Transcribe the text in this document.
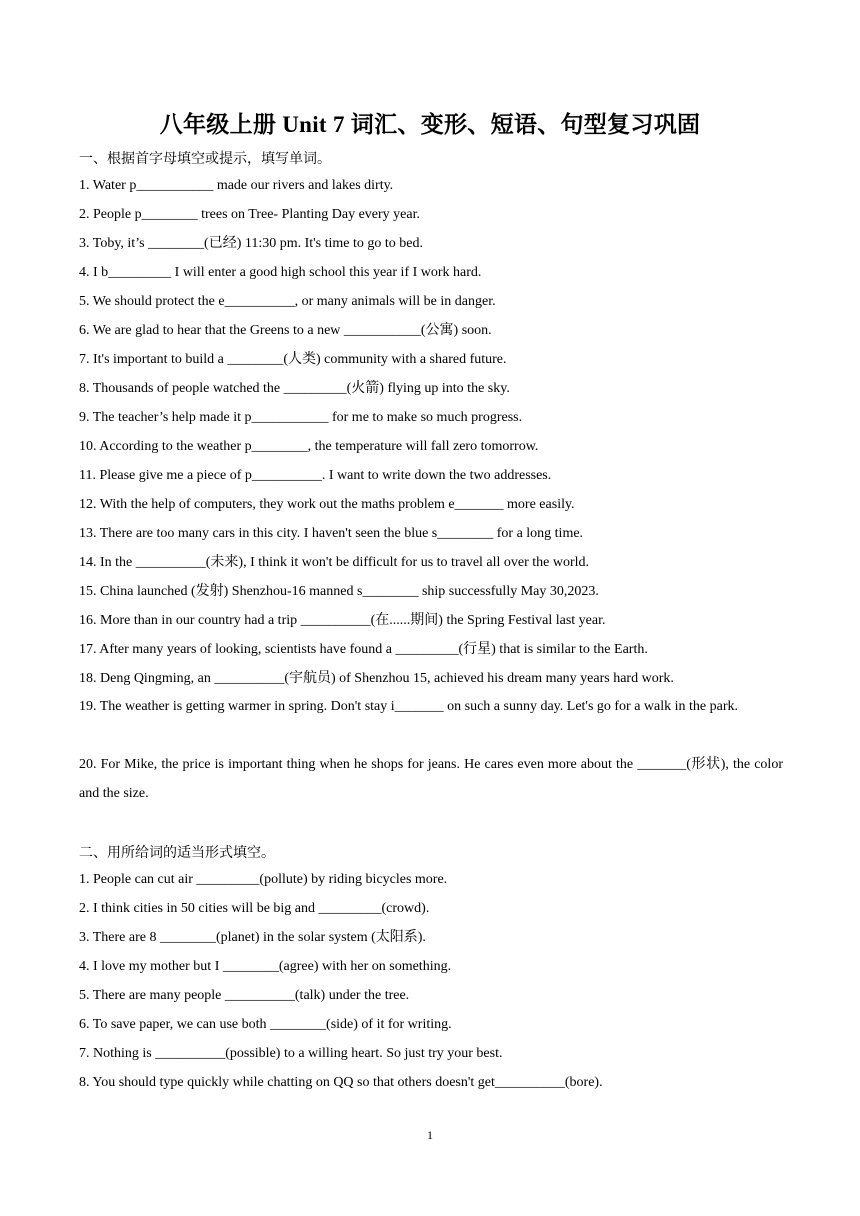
八年级上册 Unit 7 词汇、变形、短语、句型复习巩固
一、根据首字母填空或提示，填写单词。
1. Water p___________ made our rivers and lakes dirty.
2. People p________ trees on Tree- Planting Day every year.
3. Toby, it’s ________(已经) 11:30 pm. It's time to go to bed.
4. I b_________ I will enter a good high school this year if I work hard.
5. We should protect the e__________, or many animals will be in danger.
6. We are glad to hear that the Greens to a new ___________(公寓) soon.
7. It's important to build a ________(人类) community with a shared future.
8. Thousands of people watched the _________(火箭) flying up into the sky.
9. The teacher’s help made it p___________ for me to make so much progress.
10. According to the weather p________, the temperature will fall zero tomorrow.
11. Please give me a piece of p__________. I want to write down the two addresses.
12. With the help of computers, they work out the maths problem e_______ more easily.
13. There are too many cars in this city. I haven't seen the blue s________ for a long time.
14. In the __________(未来), I think it won't be difficult for us to travel all over the world.
15. China launched (发射) Shenzhou-16 manned s________ ship successfully May 30,2023.
16. More than in our country had a trip __________(在......期间) the Spring Festival last year.
17. After many years of looking, scientists have found a _________(行星) that is similar to the Earth.
18. Deng Qingming, an __________(宇航员) of Shenzhou 15, achieved his dream many years hard work.
19. The weather is getting warmer in spring. Don't stay i_______ on such a sunny day. Let's go for a walk in the park.
20. For Mike, the price is important thing when he shops for jeans. He cares even more about the _______(形状), the color and the size.
二、用所给词的适当形式填空。
1. People can cut air _________(pollute) by riding bicycles more.
2. I think cities in 50 cities will be big and _________(crowd).
3. There are 8 ________(planet) in the solar system (太阳系).
4. I love my mother but I ________(agree) with her on something.
5. There are many people __________(talk) under the tree.
6. To save paper, we can use both ________(side) of it for writing.
7. Nothing is __________(possible) to a willing heart. So just try your best.
8. You should type quickly while chatting on QQ so that others doesn't get__________(bore).
1
